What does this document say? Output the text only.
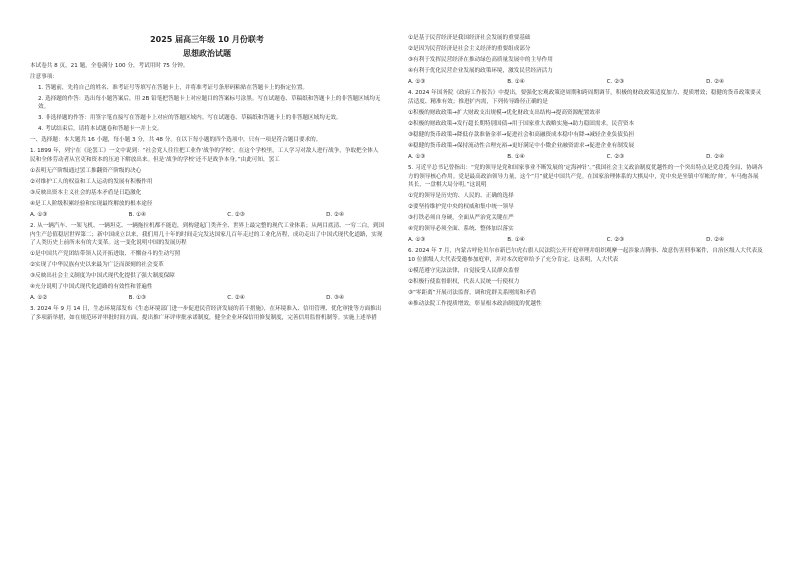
2025 届高三年级 10 月份联考
思想政治试题

本试卷共 8 页，21 题，全卷满分 100 分，考试用时 75 分钟。

注意事项：

1. 答题前，先将自己的姓名、准考证号等填写在答题卡上，并将准考证号条形码粘贴在答题卡上的指定位置。

2. 选择题的作答：选出每小题答案后，用 2B 铅笔把答题卡上对应题目的答案标号涂黑。写在试题卷、草稿纸和答题卡上的非答题区域均无效。

3. 非选择题的作答：用签字笔直接写在答题卡上对应的答题区域内。写在试题卷、草稿纸和答题卡上的非答题区域均无效。

4. 考试结束后，请将本试题卷和答题卡一并上交。

一、选择题：本大题共 16 小题，每小题 3 分，共 48 分。在以下每小题的四个选项中，只有一项是符合题目要求的。

1. 1899 年，列宁在《论罢工》一文中说到：“社会党人往往把工业作‘战争的学校’，在这个学校里，工人学习对敌人进行战争，争取把全体人民和全体劳动者从官吏和资本的压迫下解放出来。但是‘战争的学校’还不是战争本身。”由此可知，罢工

①表明无产阶级通过罢工推翻资产阶级的决心

②对维护工人的权益和工人运动的发展有积极作用

③反映出资本主义社会的基本矛盾是日趋激化

④是工人阶级积累经验和实现最终解放的根本途径

A. ①③	B. ①④	C. ②③	D. ②④

2. 从一辆汽车、一架飞机、一辆坦克、一辆拖拉机都不能造，到构建起门类齐全、世界上最完整的现代工业体系；从两目底清、一穷二白，到国内生产总值稳居世界第二；新中国成立以来，我们用几十年的时间走完发达国家几百年走过的工业化历程，成功走出了中国式现代化道路，实现了人类历史上前所未有的大变革。这一变化说明中国的发展历程

①是中国共产党团结带领人民开拓进取、不懈奋斗的生动写照

②实现了中华民族有史以来最为广泛而深刻的社会变革

③反映出社会主义制度为中国式现代化提供了强大制度保障

④充分说明了中国式现代化道路的有效性和普遍性

A. ①②	B. ①③	C. ②④	D. ③④

3. 2024 年 9 月 14 日，生态环境部发布《生态环境部门进一步促进民营经济发展的若干措施》，在环境准入、信用管理、优化审批等方面推出了多项新举措，如在规范环评审批时间方面，提出推广环评审批承诺制度，健全企业环保信用修复制度，完善信用监督机制等。实施上述举措

①是基于民营经济是我国经济社会发展的重要基础

②是因为民营经济是社会主义经济的重要组成部分

③有利于发挥民营经济在推动绿色高质量发展中的主导作用

④有利于优化民营企业发展的政策环境，激发民营经济活力

A. ①③	B. ①④	C. ②③	D. ②④

4. 2024 年国务院《政府工作报告》中提出，要强化宏观政策逆周期和跨周期调节，积极的财政政策适度加力、提质增效；稳健的货币政策要灵活适度、精准有效；推进扩内需，下列传导路径正确的是

①积极的财政政策→扩大财政支出规模→优化财政支出结构→提高资源配置效率

②积极的财政政策→发行超长期特别国债→用于国家重大战略实施→助力稳固需求，民营资本

③稳健的货币政策→降低存款准备金率→促进社会和高融资成本稳中有降→减轻企业负债负担

④稳健的货币政策→保持流动性合理充裕→更好满足中小微企业融资需求→促进企业有制发展

A. ①③	B. ①④	C. ②③	D. ②④

5. 习近平总书记曾指出：“党的领导是党和国家事业不断发展的‘定海神针’。”我国社会主义政治制度优越性的一个突出特点是党总揽全局、协调各方的领导核心作用。党是最高政治领导力量，这个“月”就是中国共产党。在国家治理体系的大棋局中，党中央是坐镇中军帐的‘帅’，车马炮各展其长，一盘棋大局分明。”这说明

①党的领导是历史的、人民的、正确的选择

②要坚持维护党中央的权威和集中统一领导

③打铁必须自身硬，全面从严治党关键在严

④党的领导必须全面、系统、整体加以落实

A. ①③	B. ①④	C. ②③	D. ②④

6. 2024 年 7 月，内蒙古呼伦贝尔市新巴尔虎右旗人民法院公开开庭审理并组织观摩一起涉象吉腾事、故意伤害刑事案件，自治区级人大代表及 10 位旗级人大代表受邀参加庭审，并对本次庭审给予了充分肯定。这表明，人大代表

①模范遵守宪法法律，自觉接受人民群众监督

②积极行使监督职权，代表人民统一行使权力

③“零距离”开展司法监督，调和党群关系刚需和矛盾

④推动法院工作提质增效，彰显根本政治制度的优越性
